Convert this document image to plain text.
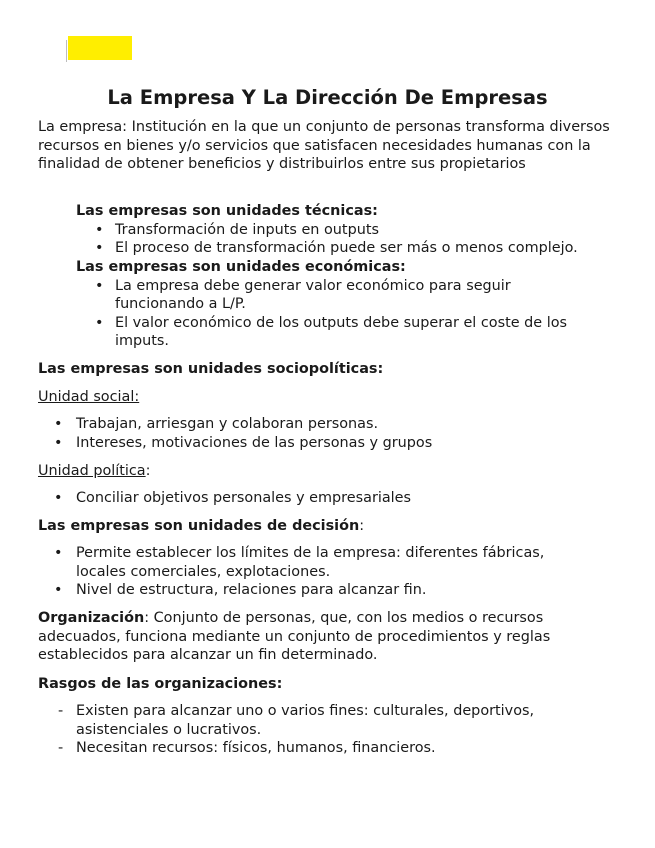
La Empresa Y La Dirección De Empresas

La empresa: Institución en la que un conjunto de personas transforma diversos recursos en bienes y/o servicios que satisfacen necesidades humanas con la finalidad de obtener beneficios y distribuirlos entre sus propietarios

Las empresas son unidades técnicas:

• Transformación de inputs en outputs
• El proceso de transformación puede ser más o menos complejo.

Las empresas son unidades económicas:

• La empresa debe generar valor económico para seguir funcionando a L/P.
• El valor económico de los outputs debe superar el coste de los imputs.

Las empresas son unidades sociopolíticas:

Unidad social:

• Trabajan, arriesgan y colaboran personas.
• Intereses, motivaciones de las personas y grupos

Unidad política:

• Conciliar objetivos personales y empresariales

Las empresas son unidades de decisión:

• Permite establecer los límites de la empresa: diferentes fábricas, locales comerciales, explotaciones.
• Nivel de estructura, relaciones para alcanzar fin.

Organización: Conjunto de personas, que, con los medios o recursos adecuados, funciona mediante un conjunto de procedimientos y reglas establecidos para alcanzar un fin determinado.

Rasgos de las organizaciones:

- Existen para alcanzar uno o varios fines: culturales, deportivos, asistenciales o lucrativos.
- Necesitan recursos: físicos, humanos, financieros.
